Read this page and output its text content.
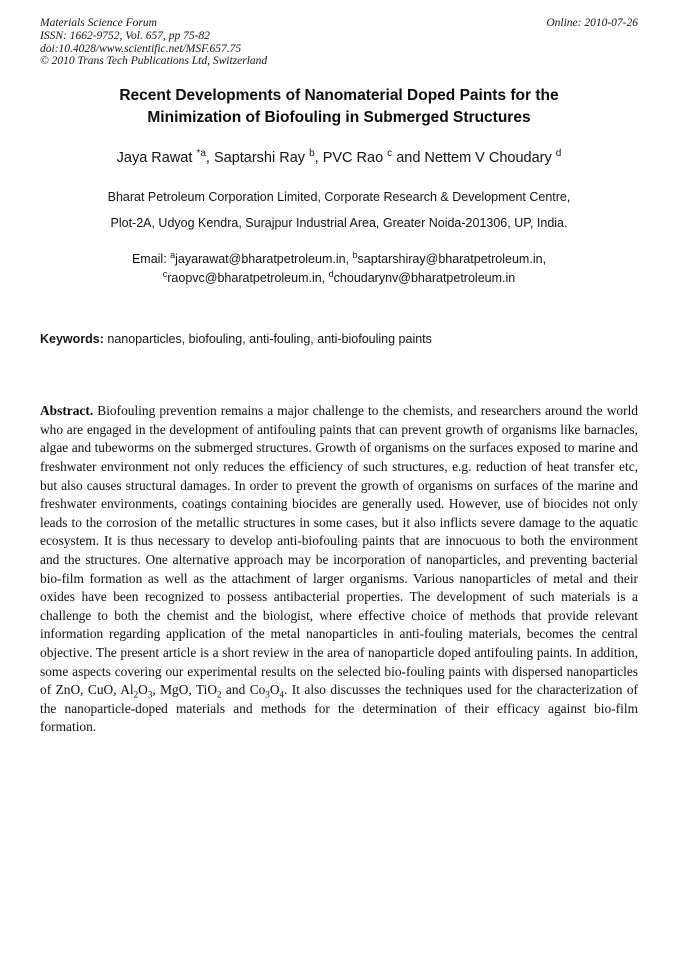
Materials Science Forum
ISSN: 1662-9752, Vol. 657, pp 75-82
doi:10.4028/www.scientific.net/MSF.657.75
© 2010 Trans Tech Publications Ltd, Switzerland
Online: 2010-07-26
Recent Developments of Nanomaterial Doped Paints for the
Minimization of Biofouling in Submerged Structures
Jaya Rawat $^{*a}$, Saptarshi Ray $^b$, PVC Rao $^c$ and Nettem V Choudary $^d$
Bharat Petroleum Corporation Limited, Corporate Research & Development Centre,
Plot-2A, Udyog Kendra, Surajpur Industrial Area, Greater Noida-201306, UP, India.
Email: $^a$jayarawat@bharatpetroleum.in, $^b$saptarshiray@bharatpetroleum.in,
$^c$raopvc@bharatpetroleum.in, $^d$choudarynv@bharatpetroleum.in
Keywords: nanoparticles, biofouling, anti-fouling, anti-biofouling paints
Abstract. Biofouling prevention remains a major challenge to the chemists, and researchers around the world who are engaged in the development of antifouling paints that can prevent growth of organisms like barnacles, algae and tubeworms on the submerged structures. Growth of organisms on the surfaces exposed to marine and freshwater environment not only reduces the efficiency of such structures, e.g. reduction of heat transfer etc, but also causes structural damages. In order to prevent the growth of organisms on surfaces of the marine and freshwater environments, coatings containing biocides are generally used. However, use of biocides not only leads to the corrosion of the metallic structures in some cases, but it also inflicts severe damage to the aquatic ecosystem. It is thus necessary to develop anti-biofouling paints that are innocuous to both the environment and the structures. One alternative approach may be incorporation of nanoparticles, and preventing bacterial bio-film formation as well as the attachment of larger organisms. Various nanoparticles of metal and their oxides have been recognized to possess antibacterial properties. The development of such materials is a challenge to both the chemist and the biologist, where effective choice of methods that provide relevant information regarding application of the metal nanoparticles in anti-fouling materials, becomes the central objective. The present article is a short review in the area of nanoparticle doped antifouling paints. In addition, some aspects covering our experimental results on the selected bio-fouling paints with dispersed nanoparticles of ZnO, CuO, $Al_2O_3$, MgO, TiO$_2$ and $Co_3O_4$. It also discusses the techniques used for the characterization of the nanoparticle-doped materials and methods for the determination of their efficacy against bio-film formation.
